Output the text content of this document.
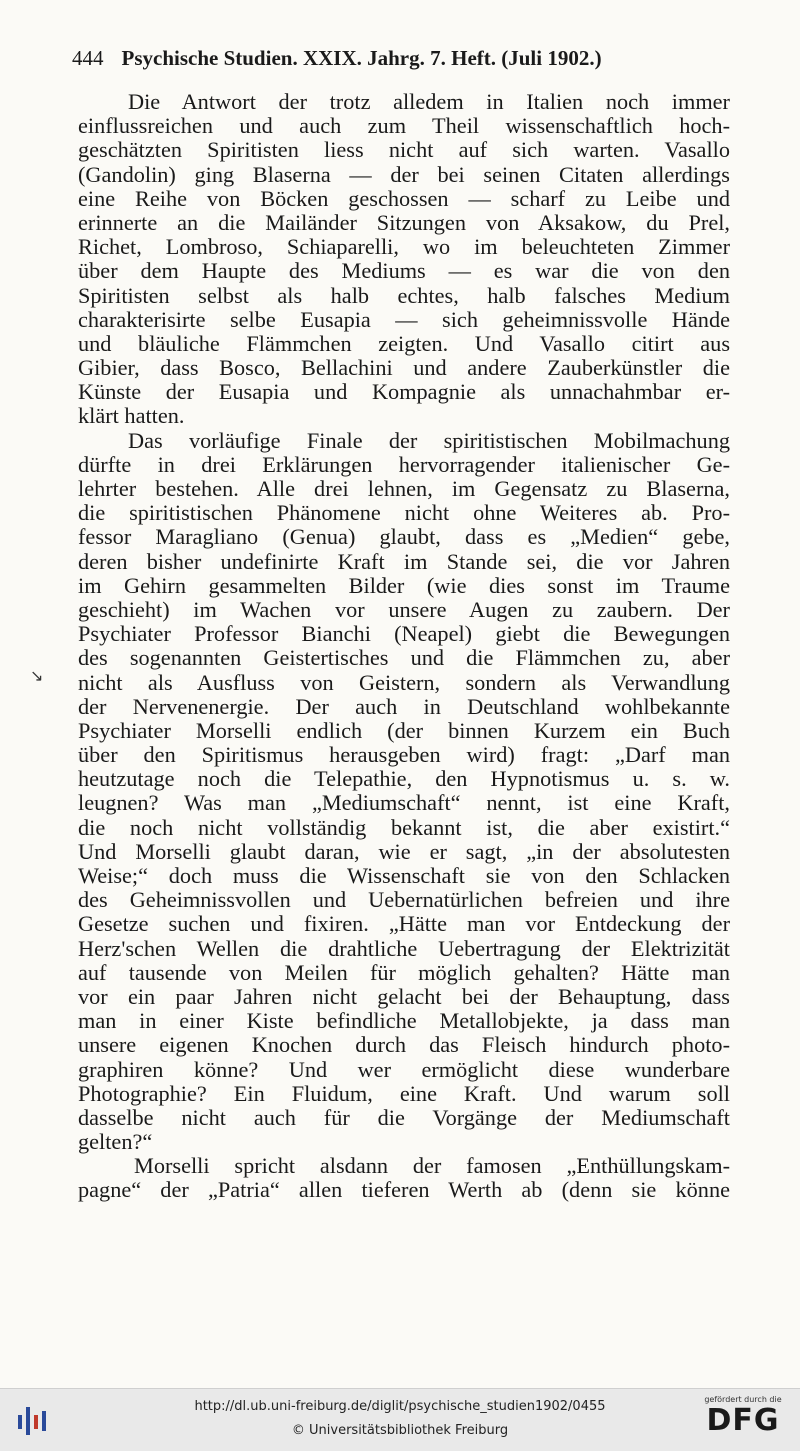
444 Psychische Studien. XXIX. Jahrg. 7. Heft. (Juli 1902.)
Die Antwort der trotz alledem in Italien noch immer
einflussreichen und auch zum Theil wissenschaftlich hoch-
geschätzten Spiritisten liess nicht auf sich warten. Vasallo
(Gandolin) ging Blaserna — der bei seinen Citaten allerdings
eine Reihe von Böcken geschossen — scharf zu Leibe und
erinnerte an die Mailänder Sitzungen von Aksakow, du Prel,
Richet, Lombroso, Schiaparelli, wo im beleuchteten Zimmer
über dem Haupte des Mediums — es war die von den
Spiritisten selbst als halb echtes, halb falsches Medium
charakterisirte selbe Eusapia — sich geheimnissvolle Hände
und bläuliche Flämmchen zeigten. Und Vasallo citirt aus
Gibier, dass Bosco, Bellachini und andere Zauberkünstler die
Künste der Eusapia und Kompagnie als unnachahmbar er-
klärt hatten.
Das vorläufige Finale der spiritistischen Mobilmachung
dürfte in drei Erklärungen hervorragender italienischer Ge-
lehrter bestehen. Alle drei lehnen, im Gegensatz zu Blaserna,
die spiritistischen Phänomene nicht ohne Weiteres ab. Pro-
fessor Maragliano (Genua) glaubt, dass es „Medien“ gebe,
deren bisher undefinirte Kraft im Stande sei, die vor Jahren
im Gehirn gesammelten Bilder (wie dies sonst im Traume
geschieht) im Wachen vor unsere Augen zu zaubern. Der
Psychiater Professor Bianchi (Neapel) giebt die Bewegungen
des sogenannten Geistertisches und die Flämmchen zu, aber
nicht als Ausfluss von Geistern, sondern als Verwandlung
der Nervenenergie. Der auch in Deutschland wohlbekannte
Psychiater Morselli endlich (der binnen Kurzem ein Buch
über den Spiritismus herausgeben wird) fragt: „Darf man
heutzutage noch die Telepathie, den Hypnotismus u. s. w.
leugnen? Was man „Mediumschaft“ nennt, ist eine Kraft,
die noch nicht vollständig bekannt ist, die aber existirt.“
Und Morselli glaubt daran, wie er sagt, „in der absolutesten
Weise;“ doch muss die Wissenschaft sie von den Schlacken
des Geheimnissvollen und Uebernatürlichen befreien und ihre
Gesetze suchen und fixiren. „Hätte man vor Entdeckung der
Herz'schen Wellen die drahtliche Uebertragung der Elektrizität
auf tausende von Meilen für möglich gehalten? Hätte man
vor ein paar Jahren nicht gelacht bei der Behauptung, dass
man in einer Kiste befindliche Metallobjekte, ja dass man
unsere eigenen Knochen durch das Fleisch hindurch photo-
graphiren könne? Und wer ermöglicht diese wunderbare
Photographie? Ein Fluidum, eine Kraft. Und warum soll
dasselbe nicht auch für die Vorgänge der Mediumschaft
gelten?“
Morselli spricht alsdann der famosen „Enthüllungskam-
pagne“ der „Patria“ allen tieferen Werth ab (denn sie könne
↘
http://dl.ub.uni-freiburg.de/diglit/psychische_studien1902/0455
© Universitätsbibliothek Freiburg
gefördert durch die
DFG
